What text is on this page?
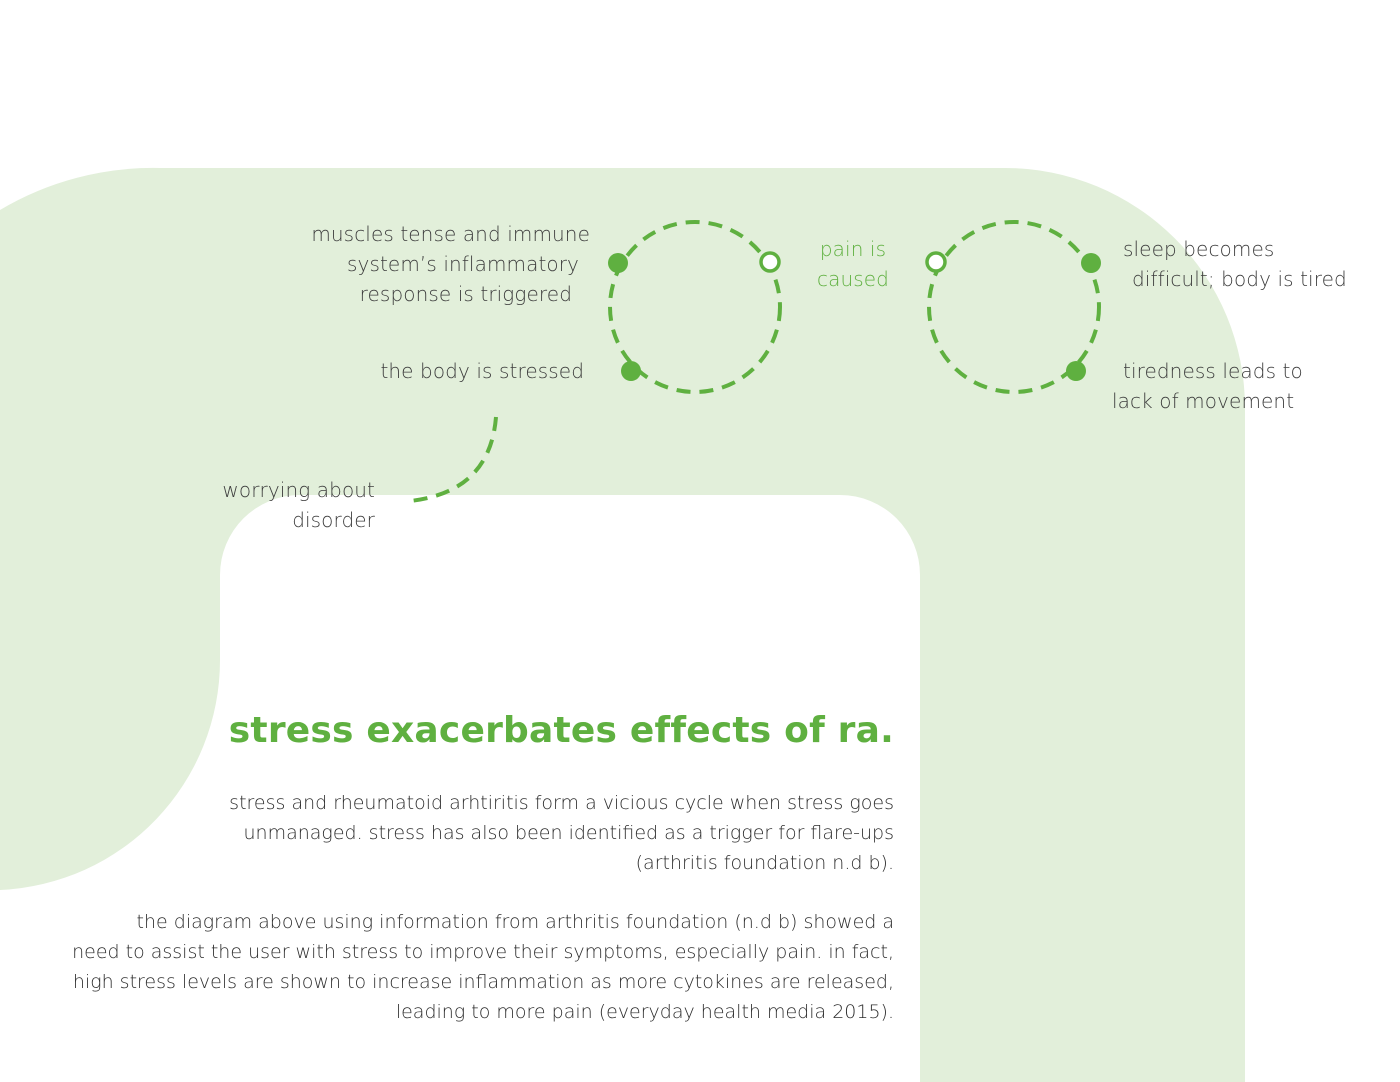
muscles tense and immune
system’s inflammatory
response is triggered
the body is stressed
pain is
caused
sleep becomes
difficult; body is tired
tiredness leads to
lack of movement
worrying about
disorder
stress exacerbates effects of ra.
stress and rheumatoid arhtiritis form a vicious cycle when stress goes
unmanaged. stress has also been identified as a trigger for flare-ups
(arthritis foundation n.d b).
the diagram above using information from arthritis foundation (n.d b) showed a
need to assist the user with stress to improve their symptoms, especially pain. in fact,
high stress levels are shown to increase inflammation as more cytokines are released,
leading to more pain (everyday health media 2015).
